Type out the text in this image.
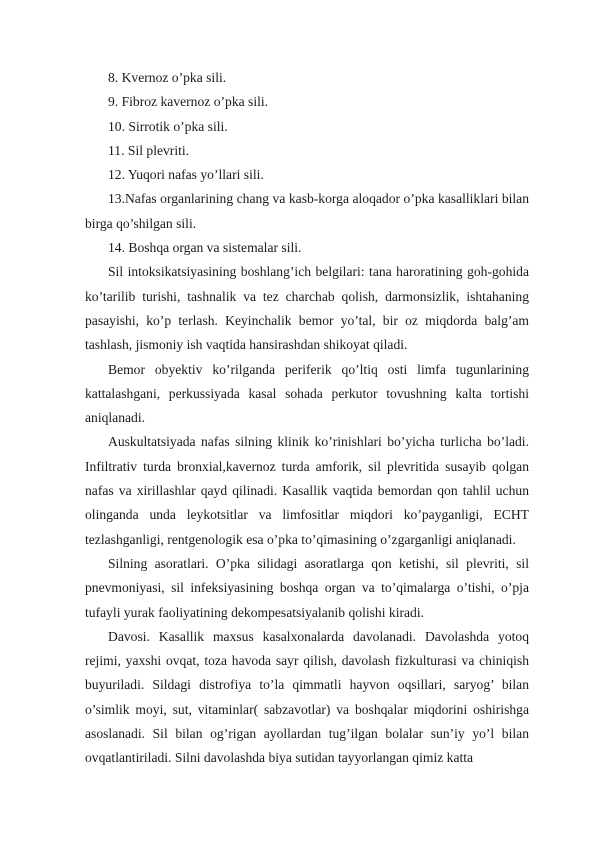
8. Kvernoz o’pka sili.

9. Fibroz kavernoz o’pka sili.

10. Sirrotik o’pka sili.

11. Sil plevriti.

12. Yuqori nafas yo’llari sili.

13.Nafas organlarining chang va kasb-korga aloqador o’pka kasalliklari bilan birga qo’shilgan sili.

14. Boshqa organ va sistemalar sili.

Sil intoksikatsiyasining boshlang’ich belgilari: tana haroratining goh-gohida ko’tarilib turishi, tashnalik va tez charchab qolish, darmonsizlik, ishtahaning pasayishi, ko’p terlash. Keyinchalik bemor yo’tal, bir oz miqdorda balg’am tashlash, jismoniy ish vaqtida hansirashdan shikoyat qiladi.

Bemor obyektiv ko’rilganda periferik qo’ltiq osti limfa tugunlarining kattalashgani, perkussiyada kasal sohada perkutor tovushning kalta tortishi aniqlanadi.

Auskultatsiyada nafas silning klinik ko’rinishlari bo’yicha turlicha bo’ladi. Infiltrativ turda bronxial,kavernoz turda amforik, sil plevritida susayib qolgan nafas va xirillashlar qayd qilinadi. Kasallik vaqtida bemordan qon tahlil uchun olinganda unda leykotsitlar va limfositlar miqdori ko’payganligi, ECHT tezlashganligi, rentgenologik esa o’pka to’qimasining o’zgarganligi aniqlanadi.

Silning asoratlari. O’pka silidagi asoratlarga qon ketishi, sil plevriti, sil pnevmoniyasi, sil infeksiyasining boshqa organ va to’qimalarga o’tishi, o’pja tufayli yurak faoliyatining dekompesatsiyalanib qolishi kiradi.

Davosi. Kasallik maxsus kasalxonalarda davolanadi. Davolashda yotoq rejimi, yaxshi ovqat, toza havoda sayr qilish, davolash fizkulturasi va chiniqish buyuriladi. Sildagi distrofiya to’la qimmatli hayvon oqsillari, saryog’ bilan o’simlik moyi, sut, vitaminlar( sabzavotlar) va boshqalar miqdorini oshirishga asoslanadi. Sil bilan og’rigan ayollardan tug’ilgan bolalar sun’iy yo’l bilan ovqatlantiriladi. Silni davolashda biya sutidan tayyorlangan qimiz katta
